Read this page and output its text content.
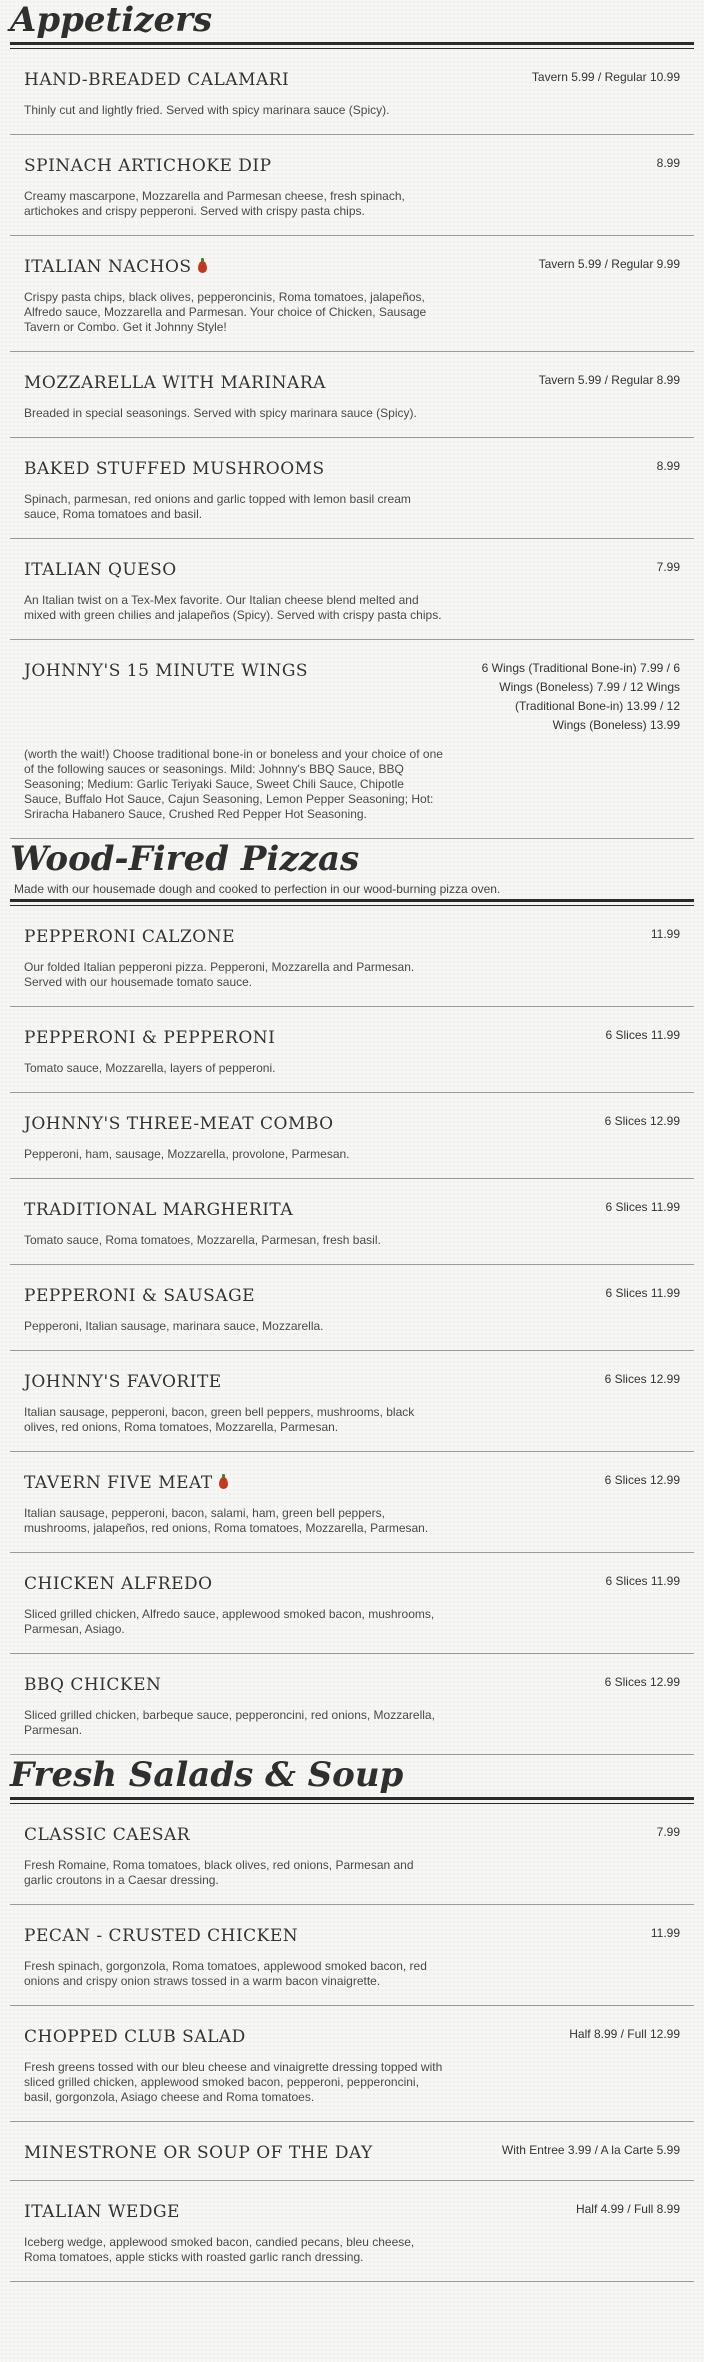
Appetizers
HAND-BREADED CALAMARI	Tavern 5.99 / Regular 10.99
Thinly cut and lightly fried. Served with spicy marinara sauce (Spicy).
SPINACH ARTICHOKE DIP	8.99
Creamy mascarpone, Mozzarella and Parmesan cheese, fresh spinach, artichokes and crispy pepperoni. Served with crispy pasta chips.
ITALIAN NACHOS	Tavern 5.99 / Regular 9.99
Crispy pasta chips, black olives, pepperoncinis, Roma tomatoes, jalapeños, Alfredo sauce, Mozzarella and Parmesan. Your choice of Chicken, Sausage Tavern or Combo. Get it Johnny Style!
MOZZARELLA WITH MARINARA	Tavern 5.99 / Regular 8.99
Breaded in special seasonings. Served with spicy marinara sauce (Spicy).
BAKED STUFFED MUSHROOMS	8.99
Spinach, parmesan, red onions and garlic topped with lemon basil cream sauce, Roma tomatoes and basil.
ITALIAN QUESO	7.99
An Italian twist on a Tex-Mex favorite. Our Italian cheese blend melted and mixed with green chilies and jalapeños (Spicy). Served with crispy pasta chips.
JOHNNY'S 15 MINUTE WINGS	6 Wings (Traditional Bone-in) 7.99 / 6 Wings (Boneless) 7.99 / 12 Wings (Traditional Bone-in) 13.99 / 12 Wings (Boneless) 13.99
(worth the wait!) Choose traditional bone-in or boneless and your choice of one of the following sauces or seasonings. Mild: Johnny's BBQ Sauce, BBQ Seasoning; Medium: Garlic Teriyaki Sauce, Sweet Chili Sauce, Chipotle Sauce, Buffalo Hot Sauce, Cajun Seasoning, Lemon Pepper Seasoning; Hot: Sriracha Habanero Sauce, Crushed Red Pepper Hot Seasoning.
Wood-Fired Pizzas
Made with our housemade dough and cooked to perfection in our wood-burning pizza oven.
PEPPERONI CALZONE	11.99
Our folded Italian pepperoni pizza. Pepperoni, Mozzarella and Parmesan. Served with our housemade tomato sauce.
PEPPERONI & PEPPERONI	6 Slices 11.99
Tomato sauce, Mozzarella, layers of pepperoni.
JOHNNY'S THREE-MEAT COMBO	6 Slices 12.99
Pepperoni, ham, sausage, Mozzarella, provolone, Parmesan.
TRADITIONAL MARGHERITA	6 Slices 11.99
Tomato sauce, Roma tomatoes, Mozzarella, Parmesan, fresh basil.
PEPPERONI & SAUSAGE	6 Slices 11.99
Pepperoni, Italian sausage, marinara sauce, Mozzarella.
JOHNNY'S FAVORITE	6 Slices 12.99
Italian sausage, pepperoni, bacon, green bell peppers, mushrooms, black olives, red onions, Roma tomatoes, Mozzarella, Parmesan.
TAVERN FIVE MEAT	6 Slices 12.99
Italian sausage, pepperoni, bacon, salami, ham, green bell peppers, mushrooms, jalapeños, red onions, Roma tomatoes, Mozzarella, Parmesan.
CHICKEN ALFREDO	6 Slices 11.99
Sliced grilled chicken, Alfredo sauce, applewood smoked bacon, mushrooms, Parmesan, Asiago.
BBQ CHICKEN	6 Slices 12.99
Sliced grilled chicken, barbeque sauce, pepperoncini, red onions, Mozzarella, Parmesan.
Fresh Salads & Soup
CLASSIC CAESAR	7.99
Fresh Romaine, Roma tomatoes, black olives, red onions, Parmesan and garlic croutons in a Caesar dressing.
PECAN - CRUSTED CHICKEN	11.99
Fresh spinach, gorgonzola, Roma tomatoes, applewood smoked bacon, red onions and crispy onion straws tossed in a warm bacon vinaigrette.
CHOPPED CLUB SALAD	Half 8.99 / Full 12.99
Fresh greens tossed with our bleu cheese and vinaigrette dressing topped with sliced grilled chicken, applewood smoked bacon, pepperoni, pepperoncini, basil, gorgonzola, Asiago cheese and Roma tomatoes.
MINESTRONE OR SOUP OF THE DAY	With Entree 3.99 / A la Carte 5.99
ITALIAN WEDGE	Half 4.99 / Full 8.99
Iceberg wedge, applewood smoked bacon, candied pecans, bleu cheese, Roma tomatoes, apple sticks with roasted garlic ranch dressing.
